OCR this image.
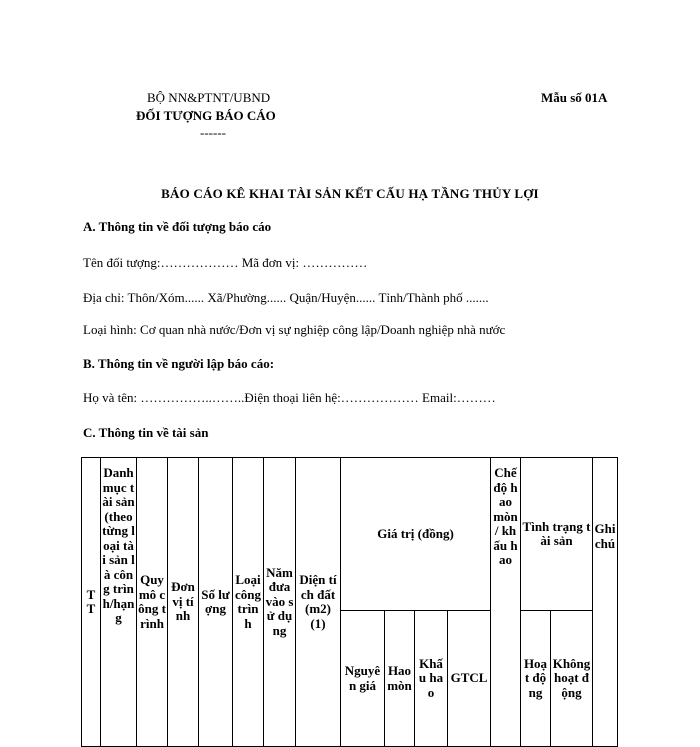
BỘ NN&PTNT/UBND
ĐỐI TƯỢNG BÁO CÁO
------
Mẫu số 01A
BÁO CÁO KÊ KHAI TÀI SẢN KẾT CẤU HẠ TẦNG THỦY LỢI
A. Thông tin về đối tượng báo cáo
Tên đối tượng:……………… Mã đơn vị: ……………
Địa chỉ: Thôn/Xóm...... Xã/Phường...... Quận/Huyện...... Tỉnh/Thành phố .......
Loại hình: Cơ quan nhà nước/Đơn vị sự nghiệp công lập/Doanh nghiệp nhà nước
B. Thông tin về người lập báo cáo:
Họ và tên: ……………..……..Điện thoại liên hệ:……………… Email:………
C. Thông tin về tài sản
TT
Danh mục tài sản (theo từng loại tài sản là công trình/hạng
Quy mô công trình
Đơn vị tính
Số lượng
Loại công trình
Năm đưa vào sử dụng
Diện tích đất (m2) (1)
Giá trị (đồng)
Nguyên giá
Hao mòn
Khấu hao
GTCL
Chế độ hao mòn / khấu hao
Tình trạng tài sản
Hoạt động
Không hoạt động
Ghi chú
